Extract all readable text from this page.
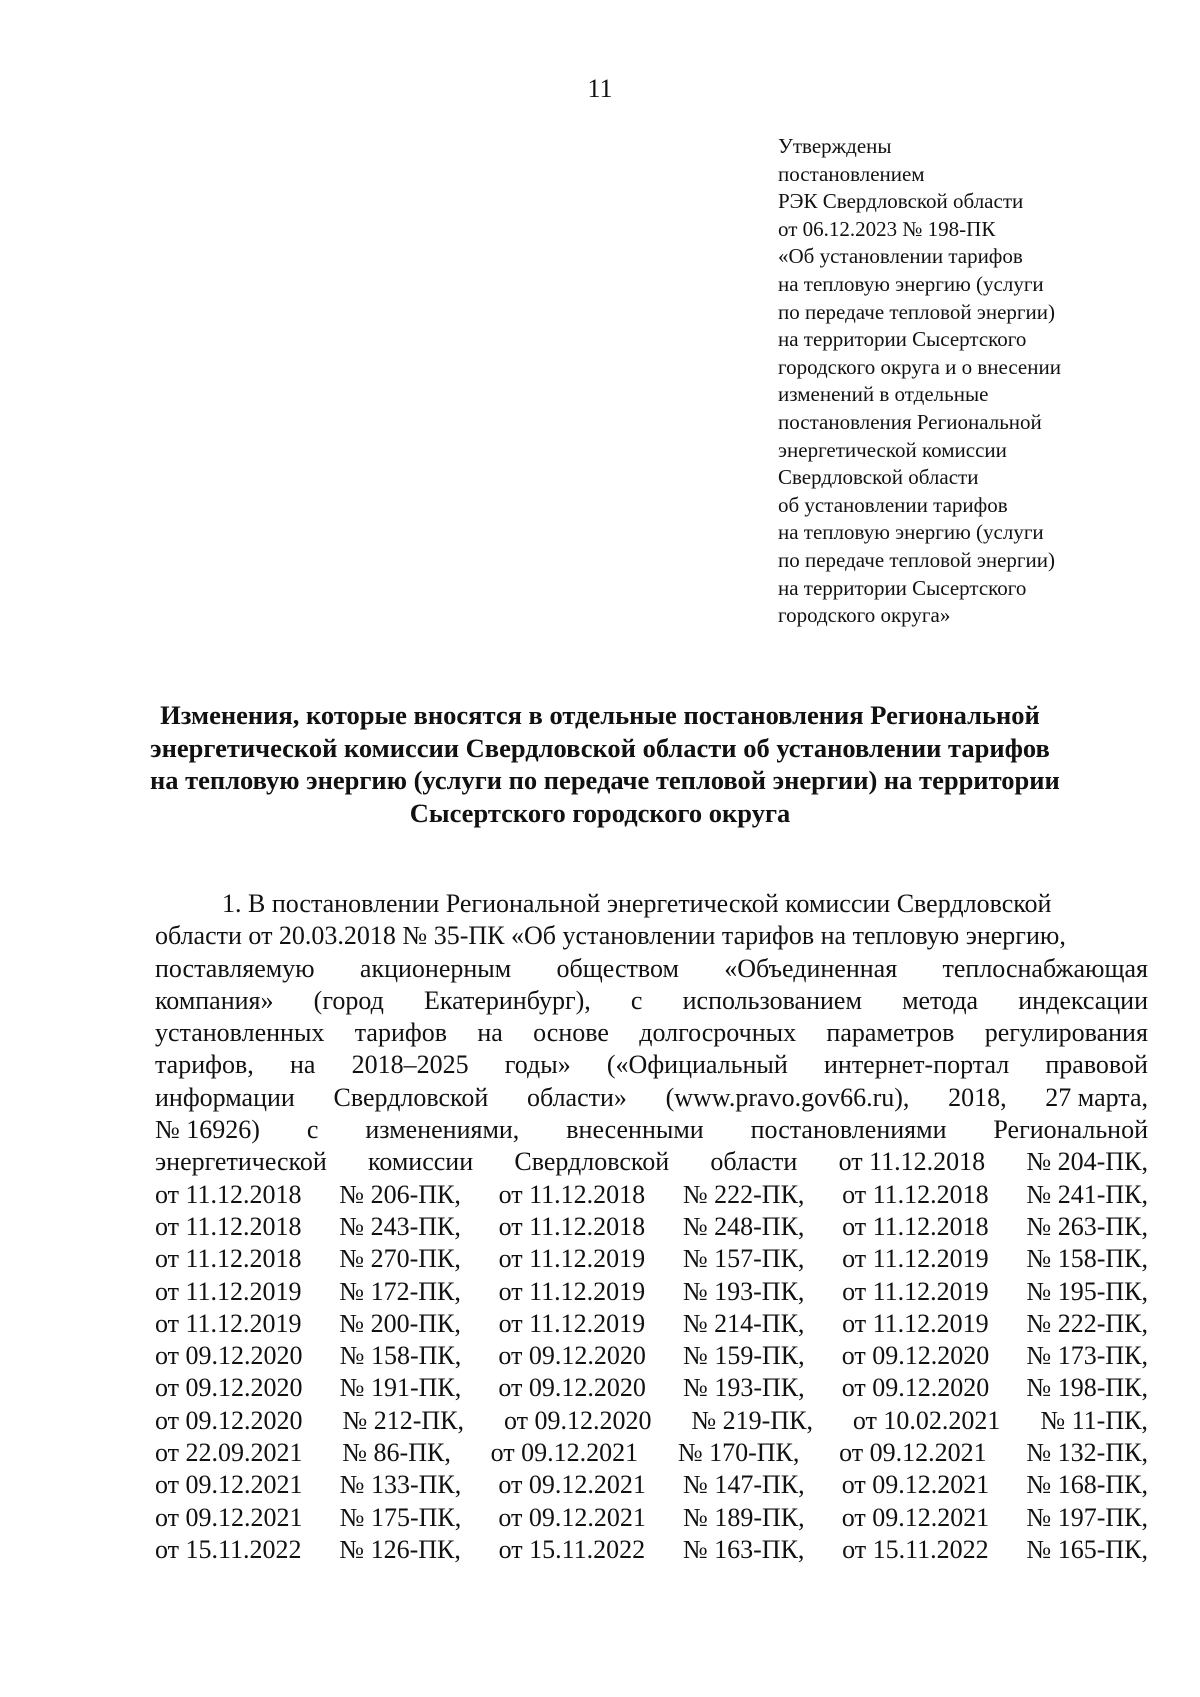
11
Утверждены
постановлением
РЭК Свердловской области
от 06.12.2023 № 198-ПК
«Об установлении тарифов
на тепловую энергию (услуги
по передаче тепловой энергии)
на территории Сысертского
городского округа и о внесении
изменений в отдельные
постановления Региональной
энергетической комиссии
Свердловской области
об установлении тарифов
на тепловую энергию (услуги
по передаче тепловой энергии)
на территории Сысертского
городского округа»
Изменения, которые вносятся в отдельные постановления Региональной
энергетической комиссии Свердловской области об установлении тарифов
на тепловую энергию (услуги по передаче тепловой энергии) на территории
Сысертского городского округа
1. В постановлении Региональной энергетической комиссии Свердловской
области от 20.03.2018 № 35-ПК «Об установлении тарифов на тепловую энергию,
поставляемую акционерным обществом «Объединенная теплоснабжающая
компания» (город Екатеринбург), с использованием метода индексации
установленных тарифов на основе долгосрочных параметров регулирования
тарифов, на 2018–2025 годы» («Официальный интернет-портал правовой
информации Свердловской области» (www.pravo.gov66.ru), 2018, 27 марта,
№ 16926) с изменениями, внесенными постановлениями Региональной
энергетической комиссии Свердловской области от 11.12.2018 № 204-ПК,
от 11.12.2018 № 206-ПК, от 11.12.2018 № 222-ПК, от 11.12.2018 № 241-ПК,
от 11.12.2018 № 243-ПК, от 11.12.2018 № 248-ПК, от 11.12.2018 № 263-ПК,
от 11.12.2018 № 270-ПК, от 11.12.2019 № 157-ПК, от 11.12.2019 № 158-ПК,
от 11.12.2019 № 172-ПК, от 11.12.2019 № 193-ПК, от 11.12.2019 № 195-ПК,
от 11.12.2019 № 200-ПК, от 11.12.2019 № 214-ПК, от 11.12.2019 № 222-ПК,
от 09.12.2020 № 158-ПК, от 09.12.2020 № 159-ПК, от 09.12.2020 № 173-ПК,
от 09.12.2020 № 191-ПК, от 09.12.2020 № 193-ПК, от 09.12.2020 № 198-ПК,
от 09.12.2020 № 212-ПК, от 09.12.2020 № 219-ПК, от 10.02.2021 № 11-ПК,
от 22.09.2021 № 86-ПК, от 09.12.2021 № 170-ПК, от 09.12.2021 № 132-ПК,
от 09.12.2021 № 133-ПК, от 09.12.2021 № 147-ПК, от 09.12.2021 № 168-ПК,
от 09.12.2021 № 175-ПК, от 09.12.2021 № 189-ПК, от 09.12.2021 № 197-ПК,
от 15.11.2022 № 126-ПК, от 15.11.2022 № 163-ПК, от 15.11.2022 № 165-ПК,
